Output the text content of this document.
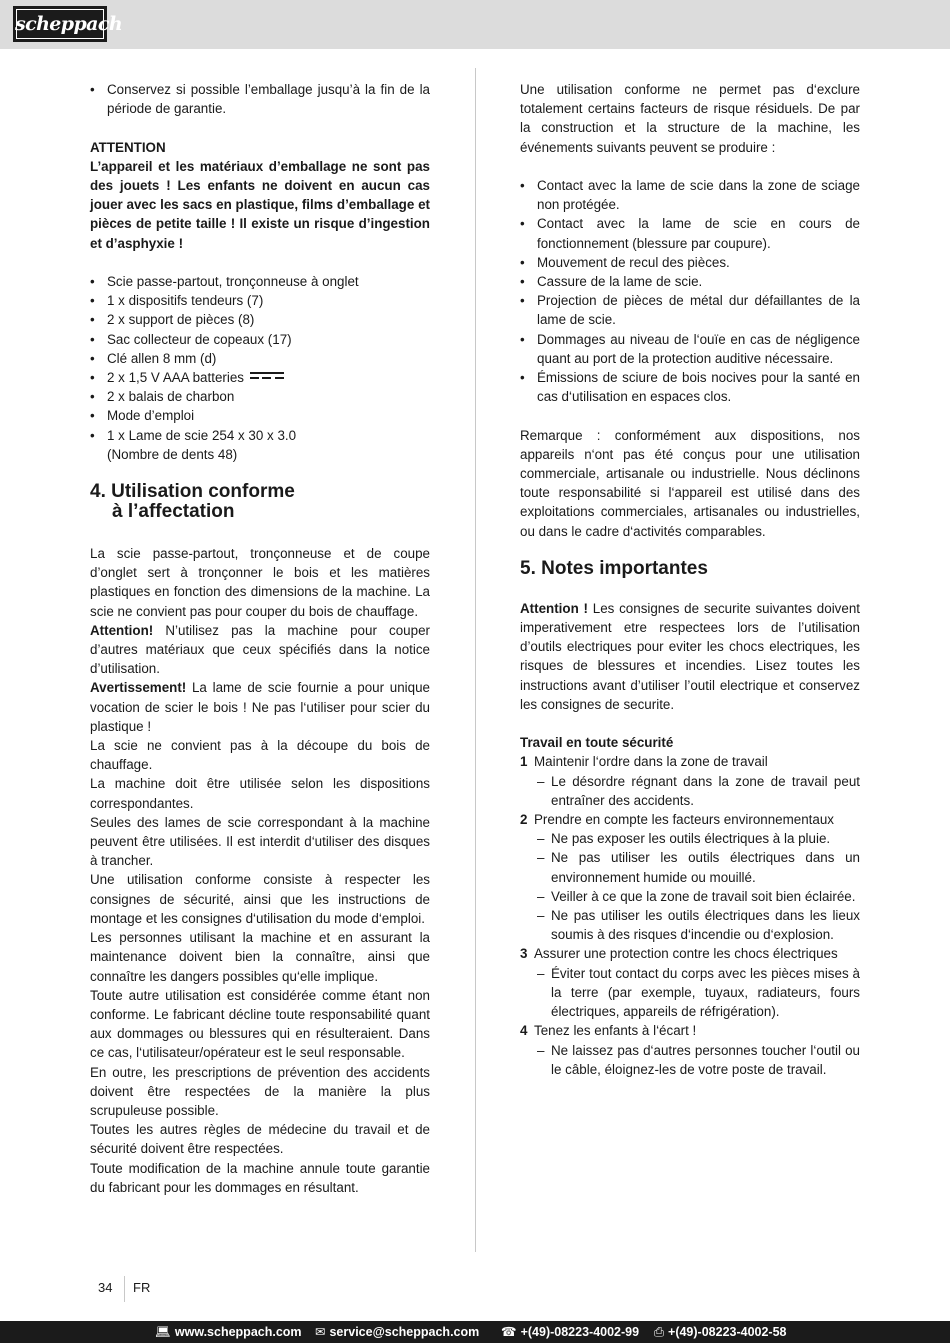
scheppach
• Conservez si possible l’emballage jusqu’à la fin de la période de garantie.
ATTENTION

L’appareil et les matériaux d’emballage ne sont pas des jouets ! Les enfants ne doivent en aucun cas jouer avec les sacs en plastique, films d’emballage et pièces de petite taille ! Il existe un risque d’ingestion et d’asphyxie !

• Scie passe-partout, tronçonneuse à onglet
• 1 x dispositifs tendeurs (7)
• 2 x support de pièces (8)
• Sac collecteur de copeaux (17)
• Clé allen 8 mm (d)
• 2 x 1,5 V AAA batteries
• 2 x balais de charbon
• Mode d’emploi
• 1 x Lame de scie 254 x 30 x 3.0
(Nombre de dents 48)
4. Utilisation conforme
à l’affectation

La scie passe-partout, tronçonneuse et de coupe d’onglet sert à tronçonner le bois et les matières plastiques en fonction des dimensions de la machine. La scie ne convient pas pour couper du bois de chauffage.

Attention! N’utilisez pas la machine pour couper d’autres matériaux que ceux spécifiés dans la notice d’utilisation.

Avertissement! La lame de scie fournie a pour unique vocation de scier le bois ! Ne pas l‘utiliser pour scier du plastique !

La scie ne convient pas à la découpe du bois de chauffage.

La machine doit être utilisée selon les dispositions correspondantes.

Seules des lames de scie correspondant à la machine peuvent être utilisées. Il est interdit d‘utiliser des disques à trancher.

Une utilisation conforme consiste à respecter les consignes de sécurité, ainsi que les instructions de montage et les consignes d‘utilisation du mode d‘emploi.

Les personnes utilisant la machine et en assurant la maintenance doivent bien la connaître, ainsi que connaître les dangers possibles qu‘elle implique.

Toute autre utilisation est considérée comme étant non conforme. Le fabricant décline toute responsabilité quant aux dommages ou blessures qui en résulteraient. Dans ce cas, l‘utilisateur/opérateur est le seul responsable.

En outre, les prescriptions de prévention des accidents doivent être respectées de la manière la plus scrupuleuse possible.

Toutes les autres règles de médecine du travail et de sécurité doivent être respectées.

Toute modification de la machine annule toute garantie du fabricant pour les dommages en résultant.

Une utilisation conforme ne permet pas d‘exclure totalement certains facteurs de risque résiduels. De par la construction et la structure de la machine, les événements suivants peuvent se produire :

• Contact avec la lame de scie dans la zone de sciage non protégée.
• Contact avec la lame de scie en cours de fonctionnement (blessure par coupure).
• Mouvement de recul des pièces.
• Cassure de la lame de scie.
• Projection de pièces de métal dur défaillantes de la lame de scie.
• Dommages au niveau de l‘ouïe en cas de négligence quant au port de la protection auditive nécessaire.
• Émissions de sciure de bois nocives pour la santé en cas d‘utilisation en espaces clos.

Remarque : conformément aux dispositions, nos appareils n‘ont pas été conçus pour une utilisation commerciale, artisanale ou industrielle. Nous déclinons toute responsabilité si l‘appareil est utilisé dans des exploitations commerciales, artisanales ou industrielles, ou dans le cadre d‘activités comparables.

5. Notes importantes

Attention ! Les consignes de securite suivantes doivent imperativement etre respectees lors de l’utilisation d’outils electriques pour eviter les chocs electriques, les risques de blessures et incendies. Lisez toutes les instructions avant d’utiliser l’outil electrique et conservez les consignes de securite.

Travail en toute sécurité
1 Maintenir l‘ordre dans la zone de travail
– Le désordre régnant dans la zone de travail peut entraîner des accidents.
2 Prendre en compte les facteurs environnementaux
– Ne pas exposer les outils électriques à la pluie.
– Ne pas utiliser les outils électriques dans un environnement humide ou mouillé.
– Veiller à ce que la zone de travail soit bien éclairée.
– Ne pas utiliser les outils électriques dans les lieux soumis à des risques d‘incendie ou d‘explosion.
3 Assurer une protection contre les chocs électriques
– Éviter tout contact du corps avec les pièces mises à la terre (par exemple, tuyaux, radiateurs, fours électriques, appareils de réfrigération).
4 Tenez les enfants à l‘écart !
– Ne laissez pas d‘autres personnes toucher l‘outil ou le câble, éloignez-les de votre poste de travail.
34 FR
💻︎ www.scheppach.com ✉ service@scheppach.com ☎ +(49)-08223-4002-99 ⎙ +(49)-08223-4002-58
